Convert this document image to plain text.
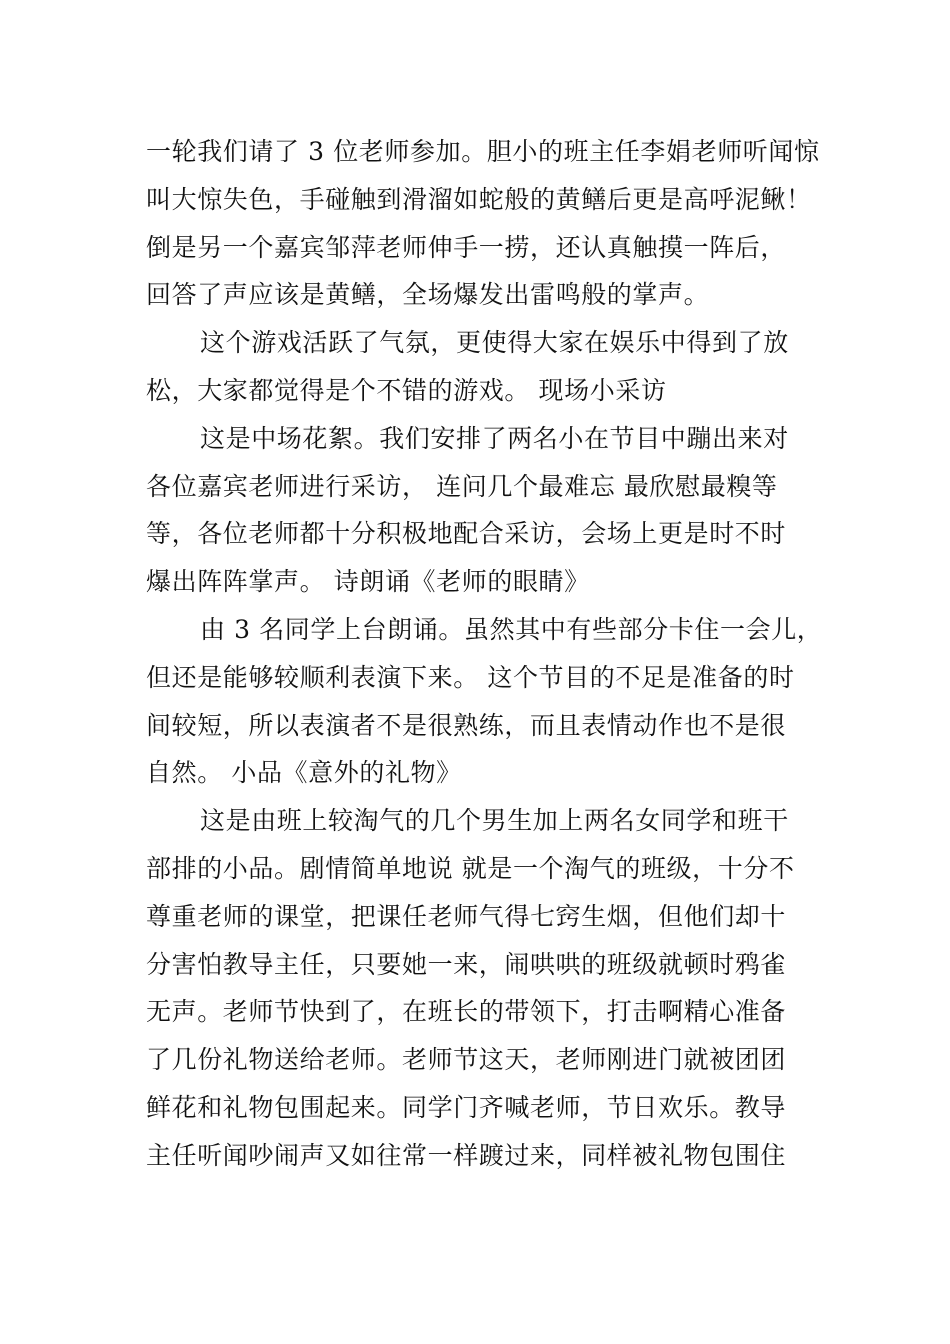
一轮我们请了 3 位老师参加。胆小的班主任李娟老师听闻惊
叫大惊失色，手碰触到滑溜如蛇般的黄鳝后更是高呼泥鳅！
倒是另一个嘉宾邹萍老师伸手一捞，还认真触摸一阵后，
回答了声应该是黄鳝，全场爆发出雷鸣般的掌声。
这个游戏活跃了气氛，更使得大家在娱乐中得到了放
松，大家都觉得是个不错的游戏。 现场小采访
这是中场花絮。我们安排了两名小在节目中蹦出来对
各位嘉宾老师进行采访， 连问几个最难忘 最欣慰最糗等
等，各位老师都十分积极地配合采访，会场上更是时不时
爆出阵阵掌声。 诗朗诵《老师的眼睛》
由 3 名同学上台朗诵。虽然其中有些部分卡住一会儿，
但还是能够较顺利表演下来。 这个节目的不足是准备的时
间较短，所以表演者不是很熟练，而且表情动作也不是很
自然。 小品《意外的礼物》
这是由班上较淘气的几个男生加上两名女同学和班干
部排的小品。剧情简单地说 就是一个淘气的班级，十分不
尊重老师的课堂，把课任老师气得七窍生烟，但他们却十
分害怕教导主任，只要她一来，闹哄哄的班级就顿时鸦雀
无声。老师节快到了，在班长的带领下，打击啊精心准备
了几份礼物送给老师。老师节这天，老师刚进门就被团团
鲜花和礼物包围起来。同学门齐喊老师，节日欢乐。教导
主任听闻吵闹声又如往常一样踱过来，同样被礼物包围住
